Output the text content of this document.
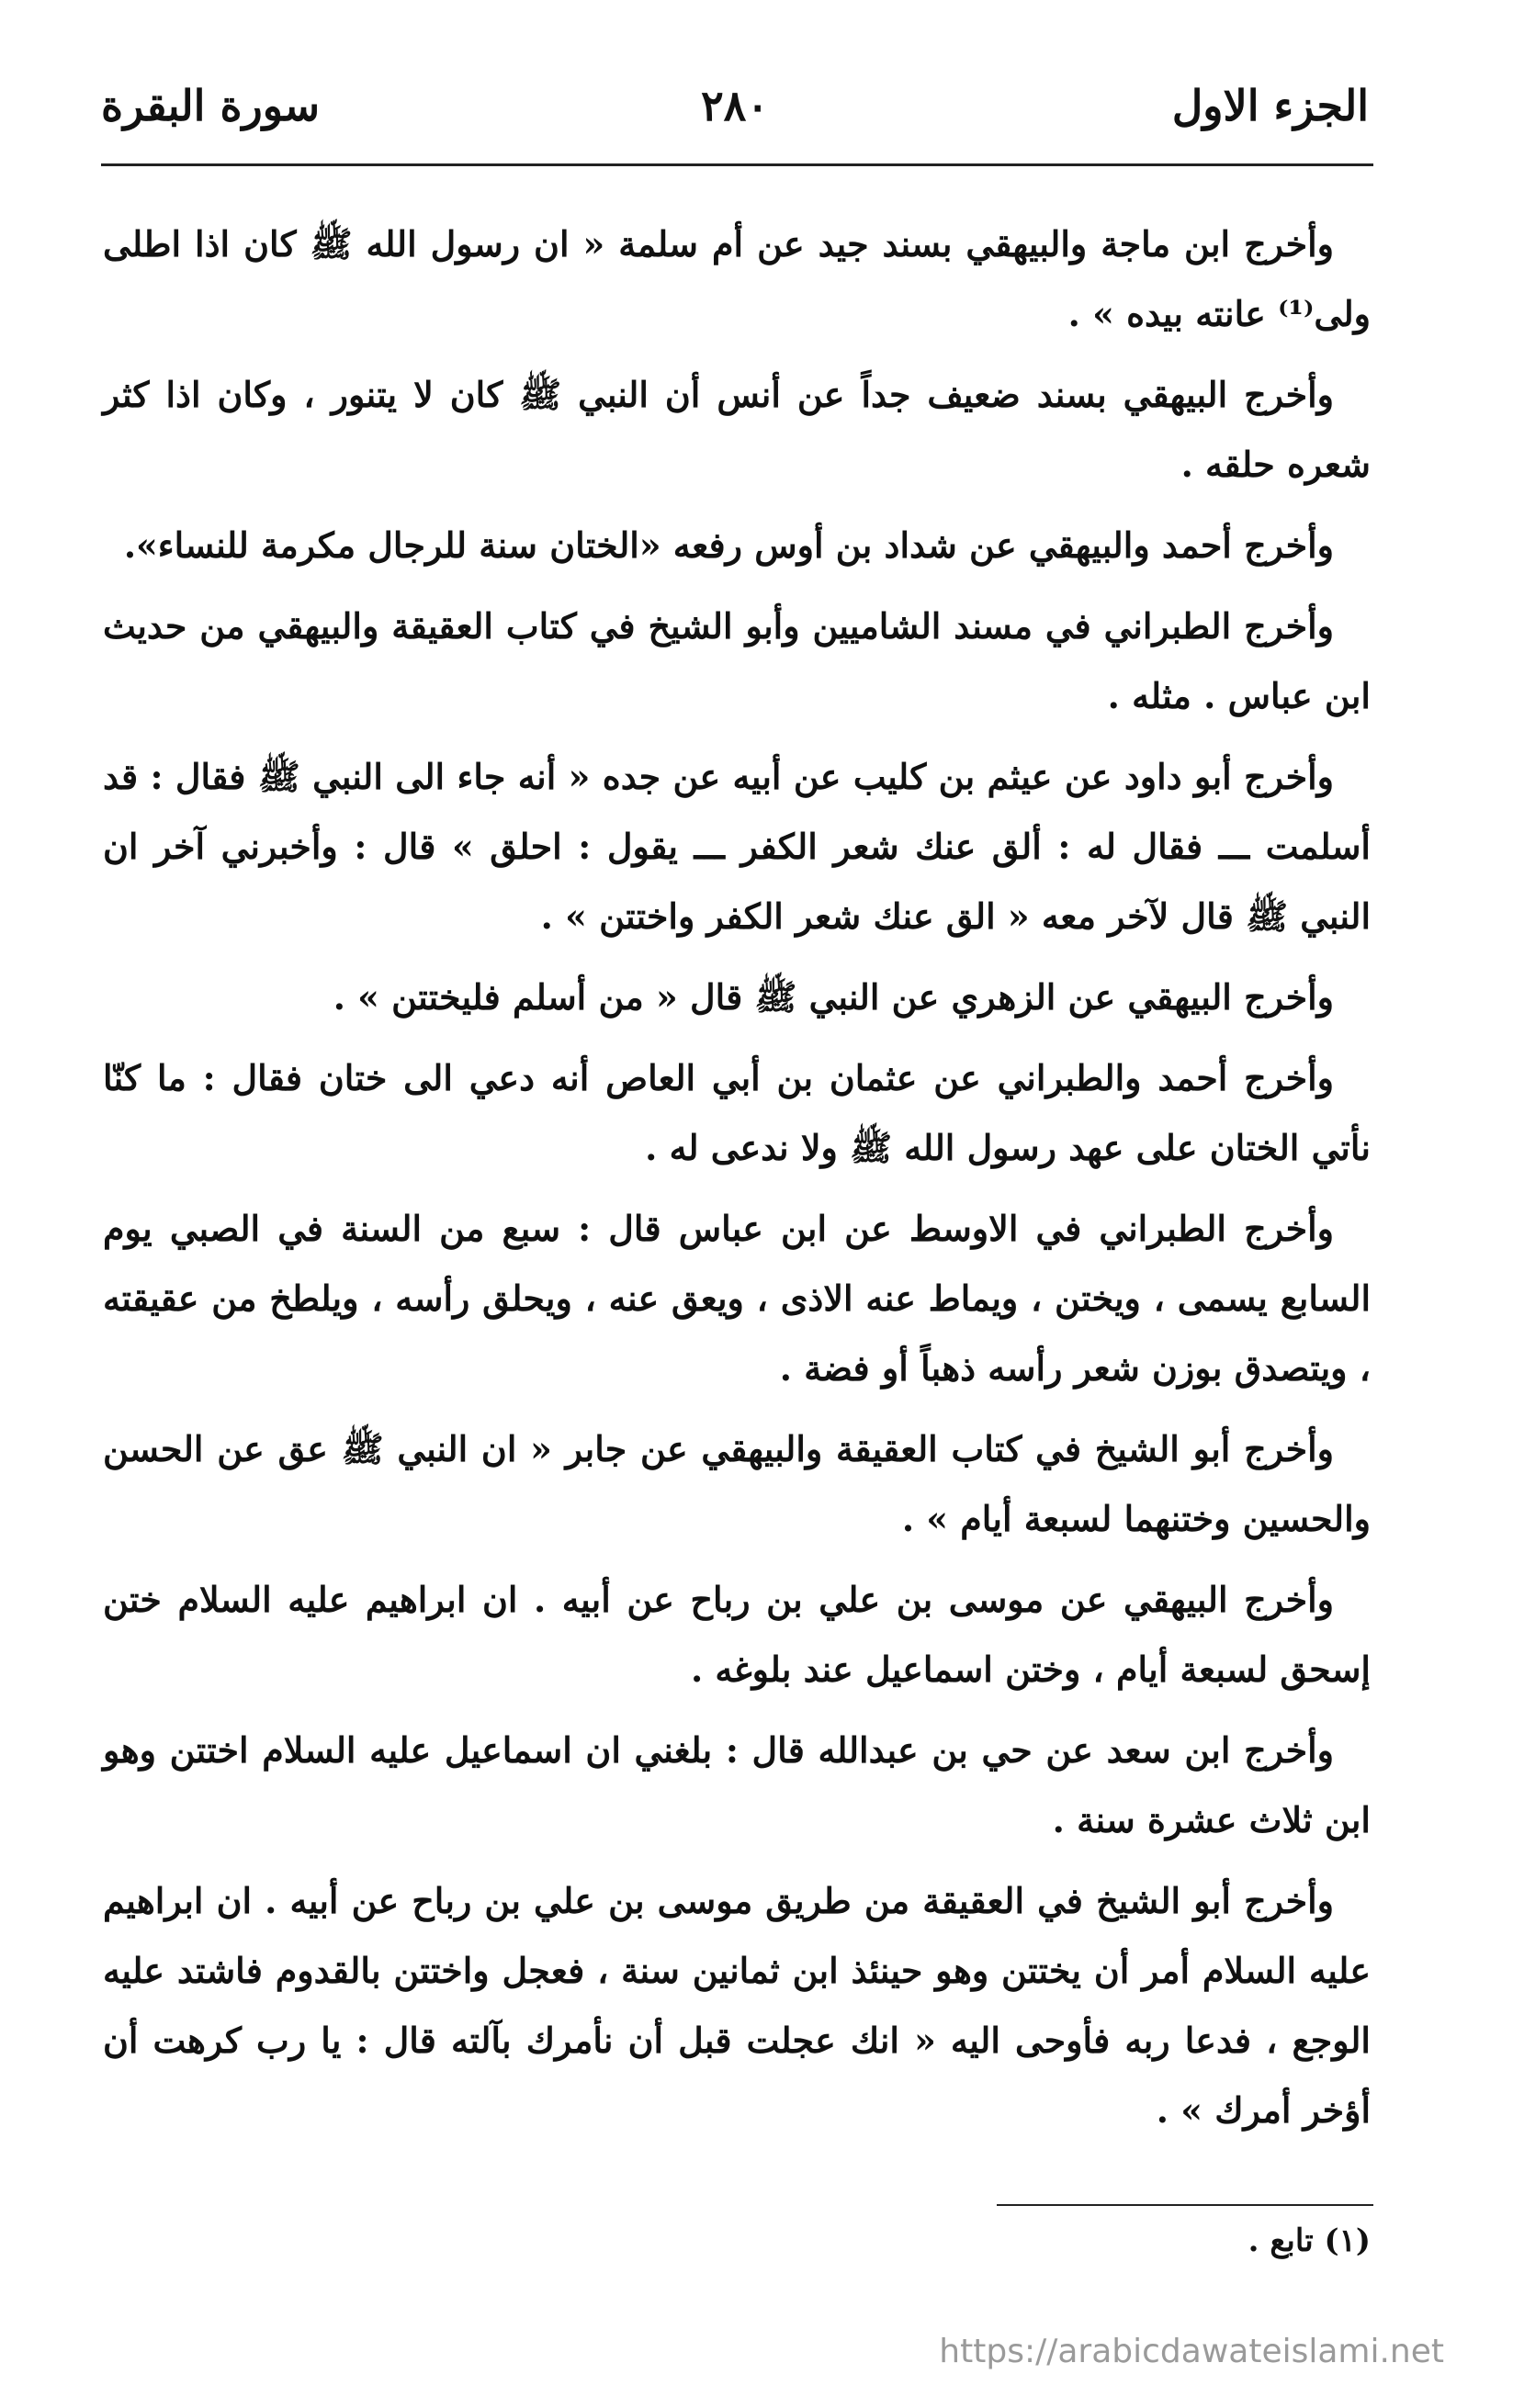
الجزء الاول
٢٨٠
سورة البقرة

وأخرج ابن ماجة والبيهقي بسند جيد عن أم سلمة « ان رسول الله ﷺ كان اذا اطلى ولى⁽¹⁾ عانته بيده » .

وأخرج البيهقي بسند ضعيف جداً عن أنس أن النبي ﷺ كان لا يتنور ، وكان اذا كثر شعره حلقه .

وأخرج أحمد والبيهقي عن شداد بن أوس رفعه «الختان سنة للرجال مكرمة للنساء».

وأخرج الطبراني في مسند الشاميين وأبو الشيخ في كتاب العقيقة والبيهقي من حديث ابن عباس . مثله .

وأخرج أبو داود عن عيثم بن كليب عن أبيه عن جده « أنه جاء الى النبي ﷺ فقال : قد أسلمت ـــ فقال له : ألق عنك شعر الكفر ـــ يقول : احلق » قال : وأخبرني آخر ان النبي ﷺ قال لآخر معه « الق عنك شعر الكفر واختتن » .

وأخرج البيهقي عن الزهري عن النبي ﷺ قال « من أسلم فليختتن » .

وأخرج أحمد والطبراني عن عثمان بن أبي العاص أنه دعي الى ختان فقال : ما كنّا نأتي الختان على عهد رسول الله ﷺ ولا ندعى له .

وأخرج الطبراني في الاوسط عن ابن عباس قال : سبع من السنة في الصبي يوم السابع يسمى ، ويختن ، ويماط عنه الاذى ، ويعق عنه ، ويحلق رأسه ، ويلطخ من عقيقته ، ويتصدق بوزن شعر رأسه ذهباً أو فضة .

وأخرج أبو الشيخ في كتاب العقيقة والبيهقي عن جابر « ان النبي ﷺ عق عن الحسن والحسين وختنهما لسبعة أيام » .

وأخرج البيهقي عن موسى بن علي بن رباح عن أبيه . ان ابراهيم عليه السلام ختن إسحق لسبعة أيام ، وختن اسماعيل عند بلوغه .

وأخرج ابن سعد عن حي بن عبدالله قال : بلغني ان اسماعيل عليه السلام اختتن وهو ابن ثلاث عشرة سنة .

وأخرج أبو الشيخ في العقيقة من طريق موسى بن علي بن رباح عن أبيه . ان ابراهيم عليه السلام أمر أن يختتن وهو حينئذ ابن ثمانين سنة ، فعجل واختتن بالقدوم فاشتد عليه الوجع ، فدعا ربه فأوحى اليه « انك عجلت قبل أن نأمرك بآلته قال : يا رب كرهت أن أؤخر أمرك » .

(١) تابع .
https://arabicdawateislami.net
